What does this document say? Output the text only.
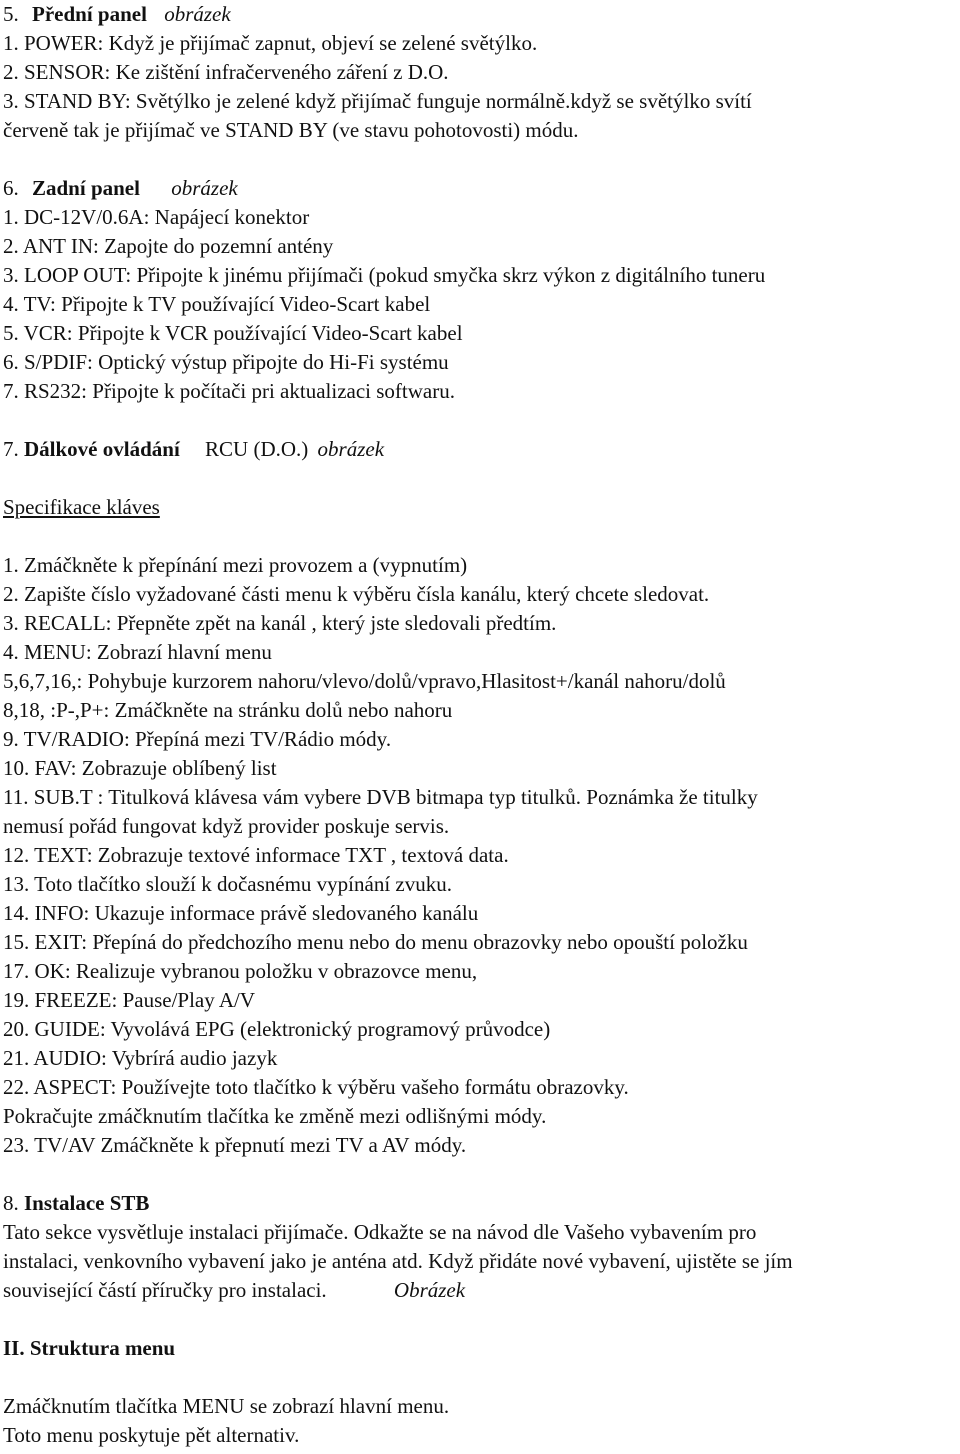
5. Přední panel obrázek
1. POWER: Když je přijímač zapnut, objeví se zelené světýlko.
2. SENSOR: Ke zištění infračerveného záření z D.O.
3. STAND BY: Světýlko je zelené když přijímač funguje normálně.když se světýlko svítí
červeně tak je přijímač ve STAND BY (ve stavu pohotovosti) módu.
6. Zadní panel obrázek
1. DC-12V/0.6A: Napájecí konektor
2. ANT IN: Zapojte do pozemní antény
3. LOOP OUT: Připojte k jinému přijímači (pokud smyčka skrz výkon z digitálního tuneru
4. TV: Připojte k TV používající Video-Scart kabel
5. VCR: Připojte k VCR používající Video-Scart kabel
6. S/PDIF: Optický výstup připojte do Hi-Fi systému
7. RS232: Připojte k počítači pri aktualizaci softwaru.
7. Dálkové ovládání RCU (D.O.) obrázek
Specifikace kláves
1. Zmáčkněte k přepínání mezi provozem a (vypnutím)
2. Zapište číslo vyžadované části menu k výběru čísla kanálu, který chcete sledovat.
3. RECALL: Přepněte zpět na kanál , který jste sledovali předtím.
4. MENU: Zobrazí hlavní menu
5,6,7,16,: Pohybuje kurzorem nahoru/vlevo/dolů/vpravo,Hlasitost+/kanál nahoru/dolů
8,18, :P-,P+: Zmáčkněte na stránku dolů nebo nahoru
9. TV/RADIO: Přepíná mezi TV/Rádio módy.
10. FAV: Zobrazuje oblíbený list
11. SUB.T : Titulková klávesa vám vybere DVB bitmapa typ titulků. Poznámka že titulky
nemusí pořád fungovat když provider poskuje servis.
12. TEXT: Zobrazuje textové informace TXT , textová data.
13. Toto tlačítko slouží k dočasnému vypínání zvuku.
14. INFO: Ukazuje informace právě sledovaného kanálu
15. EXIT: Přepíná do předchozího menu nebo do menu obrazovky nebo opouští položku
17. OK: Realizuje vybranou položku v obrazovce menu,
19. FREEZE: Pause/Play A/V
20. GUIDE: Vyvolává EPG (elektronický programový průvodce)
21. AUDIO: Vybrírá audio jazyk
22. ASPECT: Používejte toto tlačítko k výběru vašeho formátu obrazovky.
Pokračujte zmáčknutím tlačítka ke změně mezi odlišnými módy.
23. TV/AV Zmáčkněte k přepnutí mezi TV a AV módy.
8. Instalace STB
Tato sekce vysvětluje instalaci přijímače. Odkažte se na návod dle Vašeho vybavením pro
instalaci, venkovního vybavení jako je anténa atd. Když přidáte nové vybavení, ujistěte se jím
související částí příručky pro instalaci.	Obrázek
II. Struktura menu
Zmáčknutím tlačítka MENU se zobrazí hlavní menu.
Toto menu poskytuje pět alternativ.
